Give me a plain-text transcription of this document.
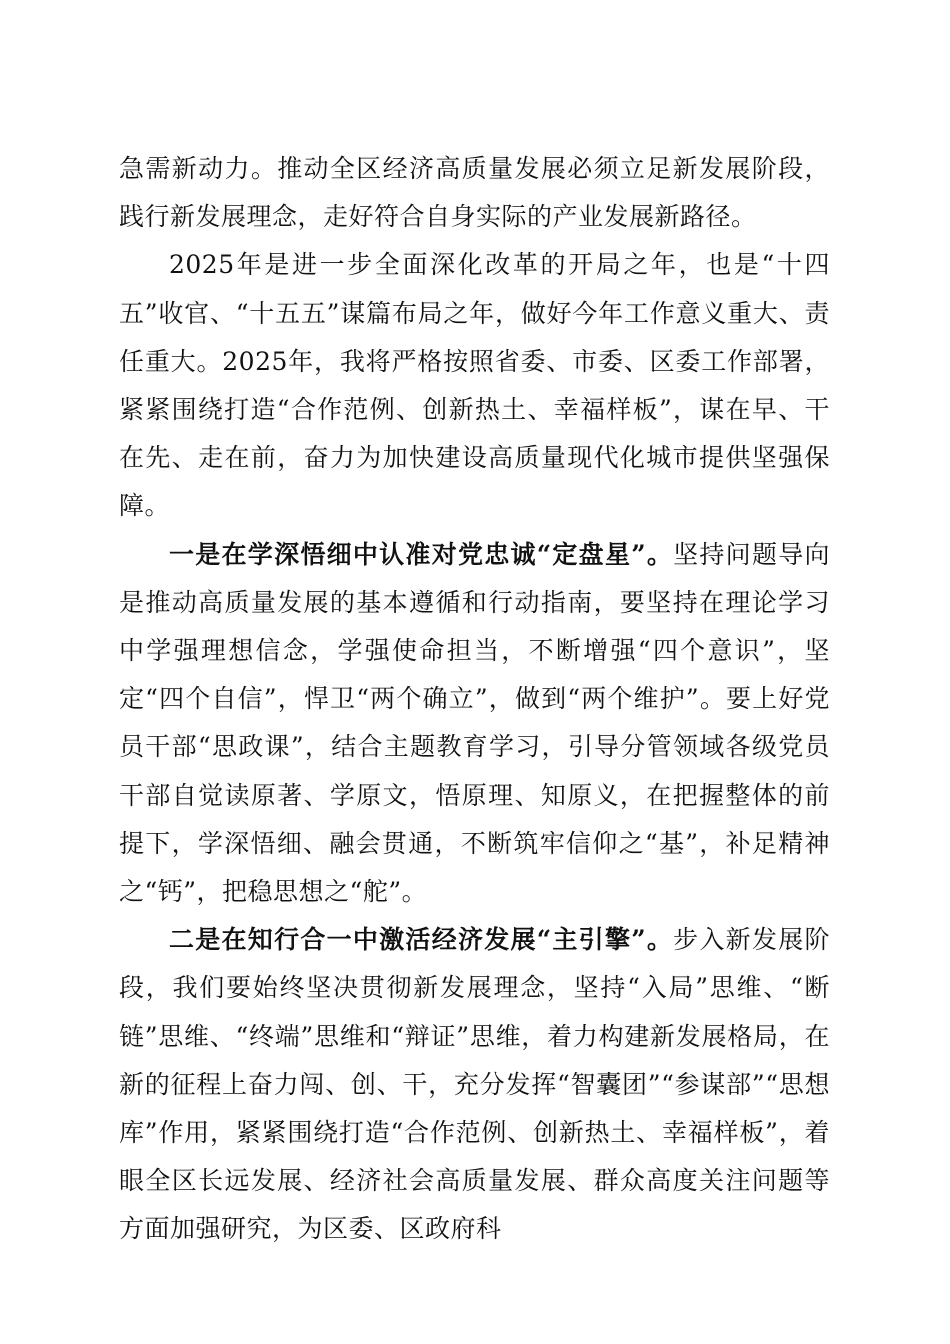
急需新动力。推动全区经济高质量发展必须立足新发展阶段，践行新发展理念，走好符合自身实际的产业发展新路径。

2025年是进一步全面深化改革的开局之年，也是“十四五”收官、“十五五”谋篇布局之年，做好今年工作意义重大、责任重大。2025年，我将严格按照省委、市委、区委工作部署，紧紧围绕打造“合作范例、创新热土、幸福样板”，谋在早、干在先、走在前，奋力为加快建设高质量现代化城市提供坚强保障。

一是在学深悟细中认准对党忠诚“定盘星”。坚持问题导向是推动高质量发展的基本遵循和行动指南，要坚持在理论学习中学强理想信念，学强使命担当，不断增强“四个意识”，坚定“四个自信”，悍卫“两个确立”，做到“两个维护”。要上好党员干部“思政课”，结合主题教育学习，引导分管领域各级党员干部自觉读原著、学原文，悟原理、知原义，在把握整体的前提下，学深悟细、融会贯通，不断筑牢信仰之“基”，补足精神之“钙”，把稳思想之“舵”。

二是在知行合一中激活经济发展“主引擎”。步入新发展阶段，我们要始终坚决贯彻新发展理念，坚持“入局”思维、“断链”思维、“终端”思维和“辩证”思维，着力构建新发展格局，在新的征程上奋力闯、创、干，充分发挥“智囊团”“参谋部”“思想库”作用，紧紧围绕打造“合作范例、创新热土、幸福样板”，着眼全区长远发展、经济社会高质量发展、群众高度关注问题等方面加强研究，为区委、区政府科
